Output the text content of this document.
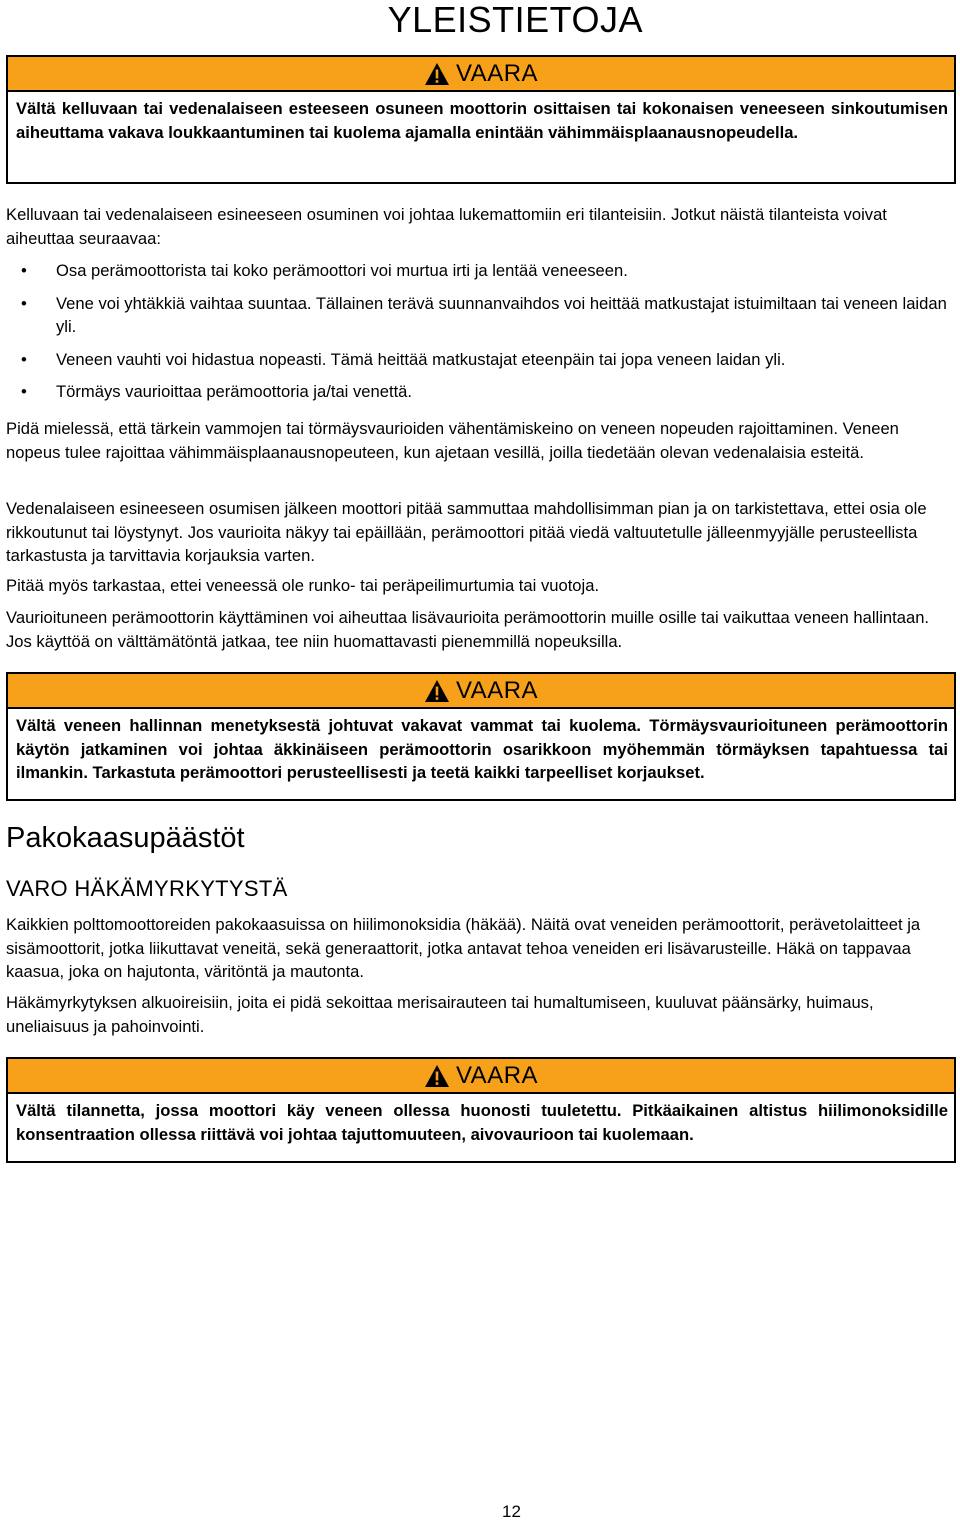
YLEISTIETOJA
VAARA
Vältä kelluvaan tai vedenalaiseen esteeseen osuneen moottorin osittaisen tai kokonaisen veneeseen sinkoutumisen aiheuttama vakava loukkaantuminen tai kuolema ajamalla enintään vähimmäisplaanausnopeudella.

Kelluvaan tai vedenalaiseen esineeseen osuminen voi johtaa lukemattomiin eri tilanteisiin. Jotkut näistä tilanteista voivat aiheuttaa seuraavaa:

• Osa perämoottorista tai koko perämoottori voi murtua irti ja lentää veneeseen.
• Vene voi yhtäkkiä vaihtaa suuntaa. Tällainen terävä suunnanvaihdos voi heittää matkustajat istuimiltaan tai veneen laidan yli.
• Veneen vauhti voi hidastua nopeasti. Tämä heittää matkustajat eteenpäin tai jopa veneen laidan yli.
• Törmäys vaurioittaa perämoottoria ja/tai venettä.

Pidä mielessä, että tärkein vammojen tai törmäysvaurioiden vähentämiskeino on veneen nopeuden rajoittaminen. Veneen nopeus tulee rajoittaa vähimmäisplaanausnopeuteen, kun ajetaan vesillä, joilla tiedetään olevan vedenalaisia esteitä.

Vedenalaiseen esineeseen osumisen jälkeen moottori pitää sammuttaa mahdollisimman pian ja on tarkistettava, ettei osia ole rikkoutunut tai löystynyt. Jos vaurioita näkyy tai epäillään, perämoottori pitää viedä valtuutetulle jälleenmyyjälle perusteellista tarkastusta ja tarvittavia korjauksia varten.

Pitää myös tarkastaa, ettei veneessä ole runko- tai peräpeilimurtumia tai vuotoja.

Vaurioituneen perämoottorin käyttäminen voi aiheuttaa lisävaurioita perämoottorin muille osille tai vaikuttaa veneen hallintaan. Jos käyttöä on välttämätöntä jatkaa, tee niin huomattavasti pienemmillä nopeuksilla.

VAARA
Vältä veneen hallinnan menetyksestä johtuvat vakavat vammat tai kuolema. Törmäysvaurioituneen perämoottorin käytön jatkaminen voi johtaa äkkinäiseen perämoottorin osarikkoon myöhemmän törmäyksen tapahtuessa tai ilmankin. Tarkastuta perämoottori perusteellisesti ja teetä kaikki tarpeelliset korjaukset.
Pakokaasupäästöt
VARO HÄKÄMYRKYTYSTÄ

Kaikkien polttomoottoreiden pakokaasuissa on hiilimonoksidia (häkää). Näitä ovat veneiden perämoottorit, perävetolaitteet ja sisämoottorit, jotka liikuttavat veneitä, sekä generaattorit, jotka antavat tehoa veneiden eri lisävarusteille. Häkä on tappavaa kaasua, joka on hajutonta, väritöntä ja mautonta.

Häkämyrkytyksen alkuoireisiin, joita ei pidä sekoittaa merisairauteen tai humaltumiseen, kuuluvat päänsärky, huimaus, uneliaisuus ja pahoinvointi.

VAARA
Vältä tilannetta, jossa moottori käy veneen ollessa huonosti tuuletettu. Pitkäaikainen altistus hiilimonoksidille konsentraation ollessa riittävä voi johtaa tajuttomuuteen, aivovaurioon tai kuolemaan.
12
